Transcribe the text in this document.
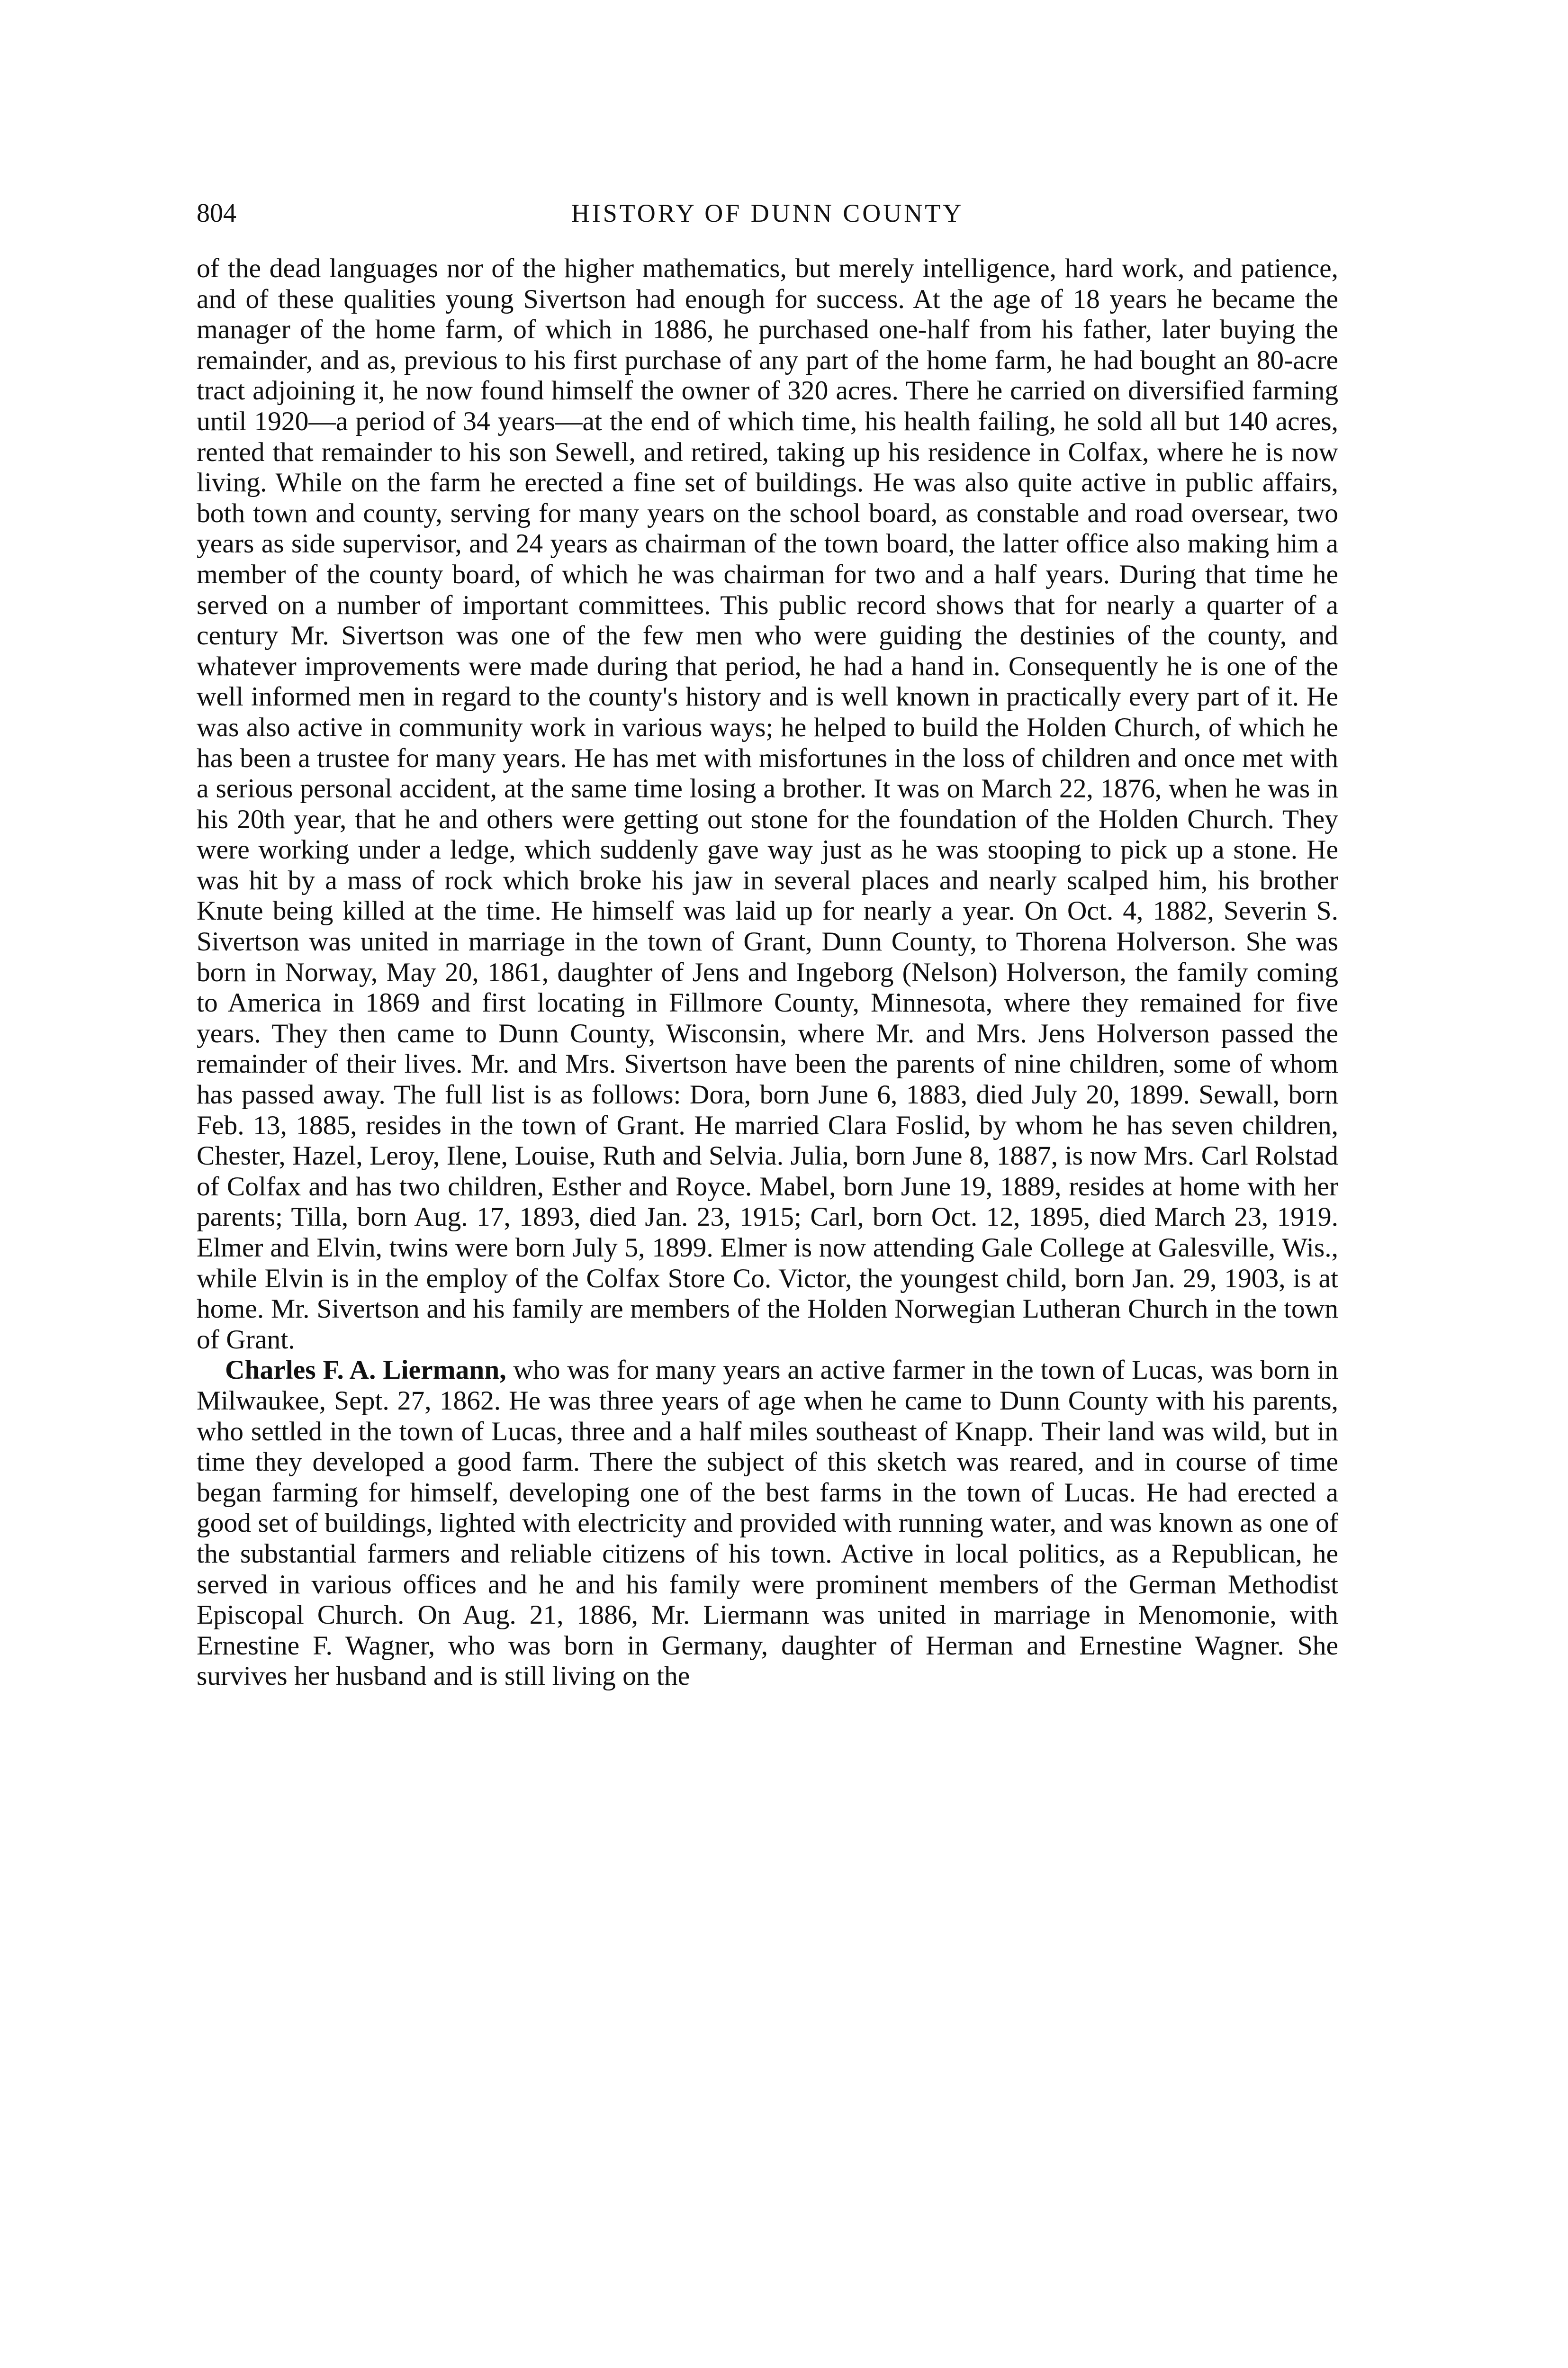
804	HISTORY OF DUNN COUNTY

of the dead languages nor of the higher mathematics, but merely intelligence, hard work, and patience, and of these qualities young Sivertson had enough for success. At the age of 18 years he became the manager of the home farm, of which in 1886, he purchased one-half from his father, later buying the remainder, and as, previous to his first purchase of any part of the home farm, he had bought an 80-acre tract adjoining it, he now found himself the owner of 320 acres. There he carried on diversified farming until 1920—a period of 34 years—at the end of which time, his health failing, he sold all but 140 acres, rented that remainder to his son Sewell, and retired, taking up his residence in Colfax, where he is now living. While on the farm he erected a fine set of buildings. He was also quite active in public affairs, both town and county, serving for many years on the school board, as constable and road oversear, two years as side supervisor, and 24 years as chairman of the town board, the latter office also making him a member of the county board, of which he was chairman for two and a half years. During that time he served on a number of important committees. This public record shows that for nearly a quarter of a century Mr. Sivertson was one of the few men who were guiding the destinies of the county, and whatever improvements were made during that period, he had a hand in. Consequently he is one of the well informed men in regard to the county's history and is well known in practically every part of it. He was also active in community work in various ways; he helped to build the Holden Church, of which he has been a trustee for many years. He has met with misfortunes in the loss of children and once met with a serious personal accident, at the same time losing a brother. It was on March 22, 1876, when he was in his 20th year, that he and others were getting out stone for the foundation of the Holden Church. They were working under a ledge, which suddenly gave way just as he was stooping to pick up a stone. He was hit by a mass of rock which broke his jaw in several places and nearly scalped him, his brother Knute being killed at the time. He himself was laid up for nearly a year. On Oct. 4, 1882, Severin S. Sivertson was united in marriage in the town of Grant, Dunn County, to Thorena Holverson. She was born in Norway, May 20, 1861, daughter of Jens and Ingeborg (Nelson) Holverson, the family coming to America in 1869 and first locating in Fillmore County, Minnesota, where they remained for five years. They then came to Dunn County, Wisconsin, where Mr. and Mrs. Jens Holverson passed the remainder of their lives. Mr. and Mrs. Sivertson have been the parents of nine children, some of whom has passed away. The full list is as follows: Dora, born June 6, 1883, died July 20, 1899. Sewall, born Feb. 13, 1885, resides in the town of Grant. He married Clara Foslid, by whom he has seven children, Chester, Hazel, Leroy, Ilene, Louise, Ruth and Selvia. Julia, born June 8, 1887, is now Mrs. Carl Rolstad of Colfax and has two children, Esther and Royce. Mabel, born June 19, 1889, resides at home with her parents; Tilla, born Aug. 17, 1893, died Jan. 23, 1915; Carl, born Oct. 12, 1895, died March 23, 1919. Elmer and Elvin, twins were born July 5, 1899. Elmer is now attending Gale College at Galesville, Wis., while Elvin is in the employ of the Colfax Store Co. Victor, the youngest child, born Jan. 29, 1903, is at home. Mr. Sivertson and his family are members of the Holden Norwegian Lutheran Church in the town of Grant.

Charles F. A. Liermann, who was for many years an active farmer in the town of Lucas, was born in Milwaukee, Sept. 27, 1862. He was three years of age when he came to Dunn County with his parents, who settled in the town of Lucas, three and a half miles southeast of Knapp. Their land was wild, but in time they developed a good farm. There the subject of this sketch was reared, and in course of time began farming for himself, developing one of the best farms in the town of Lucas. He had erected a good set of buildings, lighted with electricity and provided with running water, and was known as one of the substantial farmers and reliable citizens of his town. Active in local politics, as a Republican, he served in various offices and he and his family were prominent members of the German Methodist Episcopal Church. On Aug. 21, 1886, Mr. Liermann was united in marriage in Menomonie, with Ernestine F. Wagner, who was born in Germany, daughter of Herman and Ernestine Wagner. She survives her husband and is still living on the
